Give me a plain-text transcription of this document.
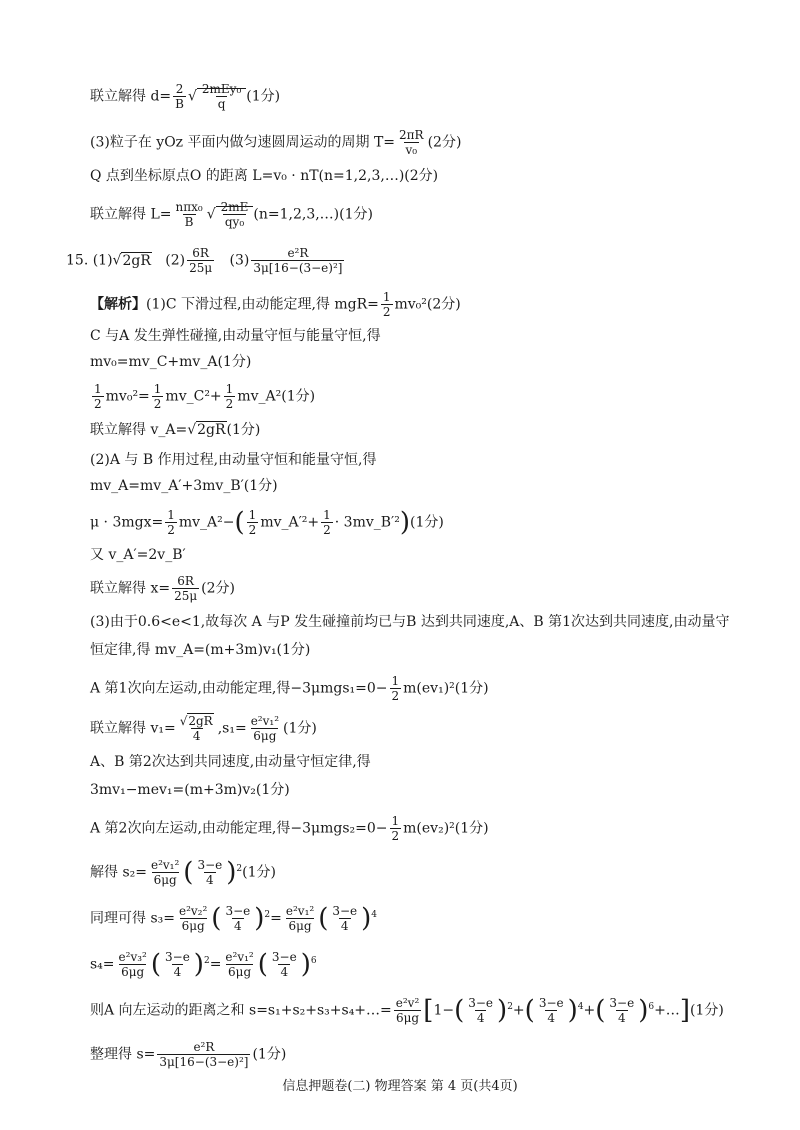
联立解得 $d= \frac{2}{B}$ √ 2mEy₀
q (1分)
(3)粒子在 yOz 平面内做匀速圆周运动的周期 $T= \frac{2\pi R}{\text{v₀}} (2$分)
Q 点到坐标原点O 的距离 L=v₀ · nT(n=1,2,3,…)(2分)
联立解得 L= nπx₀
B √ $\frac{2mE}{\text{qy₀}}$ (n=1,2,3,…)(1分)
15. (1)√2gR $(2) \frac{6R}{25\mu} (3) \frac{\text{e²R}}{\text{3μ[16−(3−e)²]}}$
【解析】(1)C 下滑过程,由动能定理,得 $mgR= \frac{1}{2} mv_0^2(2$分)
C 与A 发生弹性碰撞,由动量守恒与能量守恒,得
mv₀=mv_C+mv_A(1分)
$\frac{1}{2} mv_0^2= \frac{1}{2}$ mv_C²+ $\frac{1}{2}$ mv_A²(1分)
联立解得 v_A=√2gR(1分)
(2)A 与 B 作用过程,由动量守恒和能量守恒,得
mv_A=mv_A′+3mv_B′(1分)
$\mu \cdot 3mgx= \frac{1}{2}$ mv_A²−( $\frac{1}{2}$ mv_A′²+ $\frac{1}{2}$ · 3mv_B′²)(1分)
又 v_A′=2v_B′
联立解得 $x= \frac{6R}{25\mu} (2$分)
(3)由于0.6<e<1,故每次 A 与P 发生碰撞前均已与B 达到共同速度,A、B 第1次达到共同速度,由动量守
恒定律,得 mv_A=(m+3m)v₁(1分)
A 第1次向左运动,由动能定理,得$-3\mu mgs_1=0- \frac{1}{2} m(ev_1)^2(1$分)
联立解得 $v_1= \frac{√2gR}{4} ,s_1= \frac{\text{e²v₁²}}{6\mu g} (1$分)
A、B 第2次达到共同速度,由动量守恒定律,得
3mv₁−mev₁=(m+3m)v₂(1分)
A 第2次向左运动,由动能定理,得$-3\mu mgs_2=0- \frac{1}{2} m(ev_2)^2(1$分)
解得 $s_2= \frac{\text{e²v₁²}}{6\mu g}$ ( $\frac{3-e}{4} )^2(1$分)
同理可得 $s_3= \frac{\text{e²v₂²}}{6\mu g}$ ( $\frac{3-e}{4} )^2= \frac{\text{e²v₁²}}{6\mu g}$ ( $\frac{3-e}{4} )^4$
$s_4= \frac{\text{e²v₃²}}{6\mu g}$ ( $\frac{3-e}{4} )^2= \frac{\text{e²v₁²}}{6\mu g}$ ( $\frac{3-e}{4} )^6$
则A 向左运动的距离之和 s=s₁+s₂+s₃+s₄+…= $\frac{\text{e²v²}}{6\mu g} [1-( \frac{3-e}{4} )^2+( \frac{3-e}{4} )^4+( \frac{3-e}{4}$ )$^6+\dots](1$分)
整理得 $s= \frac{\text{e²R}}{\text{3μ[16−(3−e)²]}} (1$分)
信息押题卷(二) 物理答案 第 4 页(共4页)
